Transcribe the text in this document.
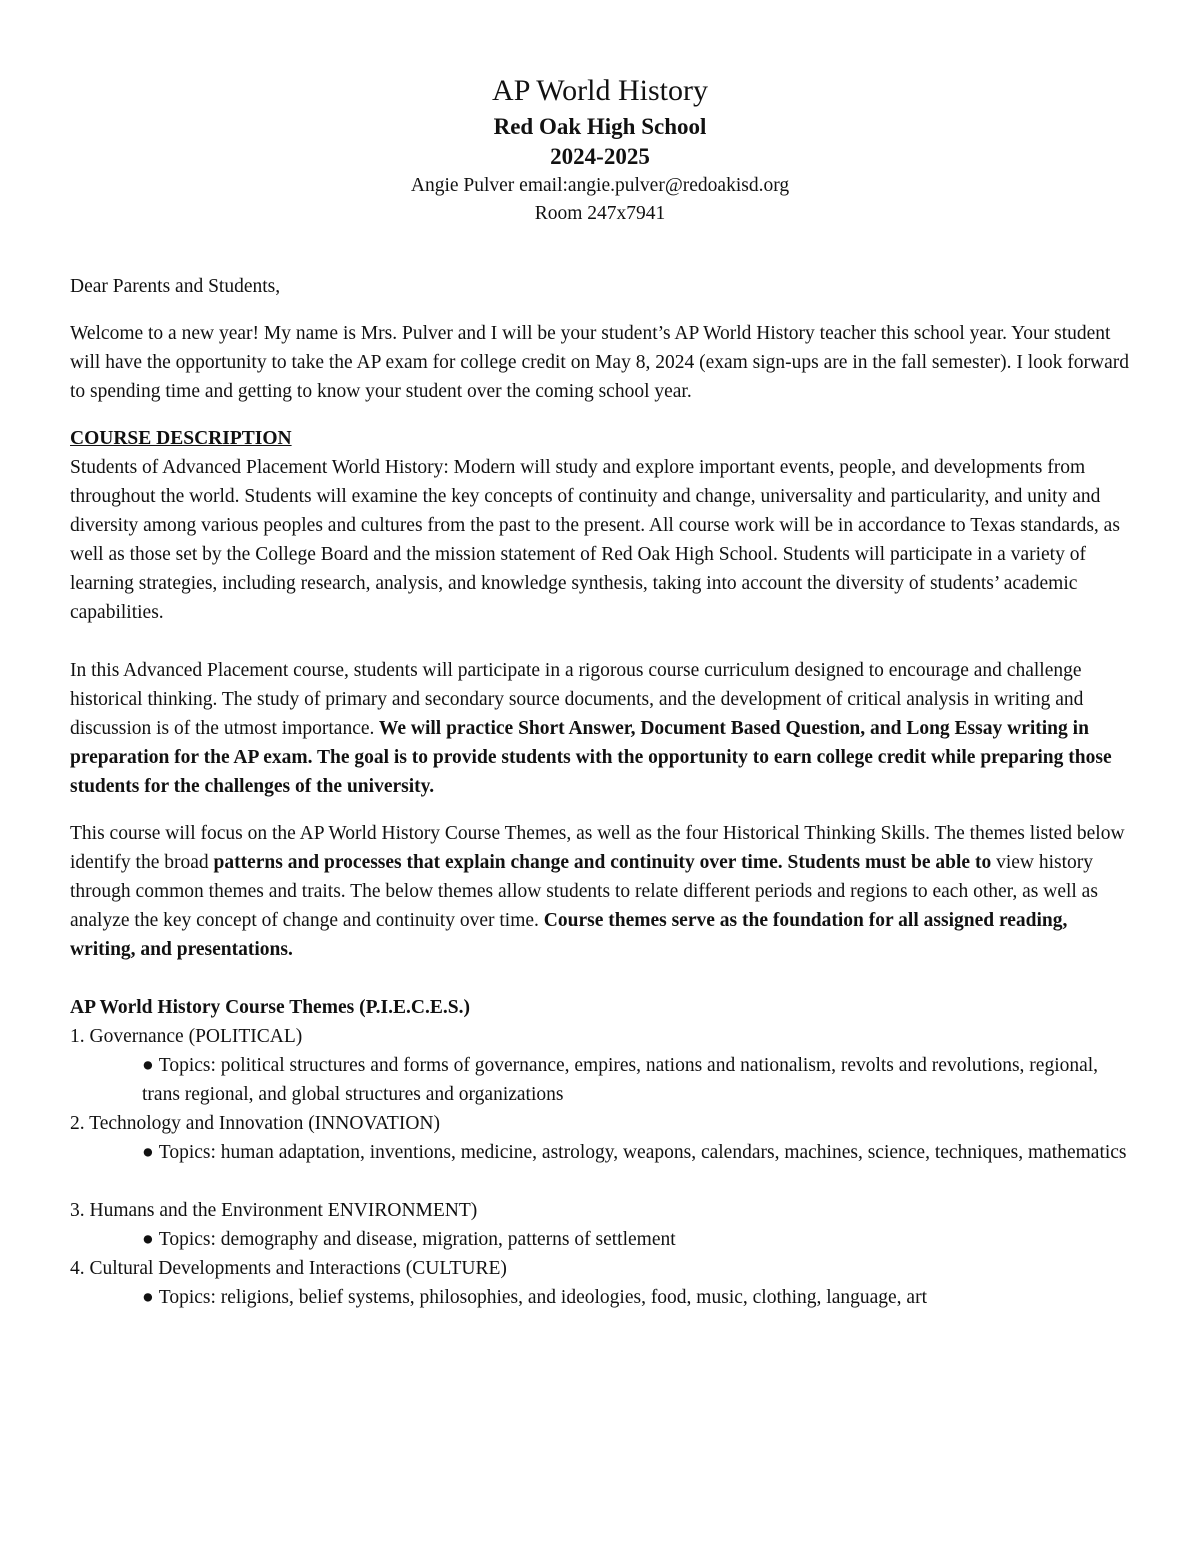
AP World History
Red Oak High School
2024-2025
Angie Pulver email:angie.pulver@redoakisd.org
Room 247x7941

Dear Parents and Students,

Welcome to a new year! My name is Mrs. Pulver and I will be your student’s AP World History teacher this school year. Your student will have the opportunity to take the AP exam for college credit on May 8, 2024 (exam sign-ups are in the fall semester). I look forward to spending time and getting to know your student over the coming school year.

COURSE DESCRIPTION

Students of Advanced Placement World History: Modern will study and explore important events, people, and developments from throughout the world. Students will examine the key concepts of continuity and change, universality and particularity, and unity and diversity among various peoples and cultures from the past to the present. All course work will be in accordance to Texas standards, as well as those set by the College Board and the mission statement of Red Oak High School. Students will participate in a variety of learning strategies, including research, analysis, and knowledge synthesis, taking into account the diversity of students’ academic capabilities.

In this Advanced Placement course, students will participate in a rigorous course curriculum designed to encourage and challenge historical thinking. The study of primary and secondary source documents, and the development of critical analysis in writing and discussion is of the utmost importance. We will practice Short Answer, Document Based Question, and Long Essay writing in preparation for the AP exam. The goal is to provide students with the opportunity to earn college credit while preparing those students for the challenges of the university.

This course will focus on the AP World History Course Themes, as well as the four Historical Thinking Skills. The themes listed below identify the broad patterns and processes that explain change and continuity over time. Students must be able to view history through common themes and traits. The below themes allow students to relate different periods and regions to each other, as well as analyze the key concept of change and continuity over time. Course themes serve as the foundation for all assigned reading,
writing, and presentations.

AP World History Course Themes (P.I.E.C.E.S.)

1. Governance (POLITICAL)

● Topics: political structures and forms of governance, empires, nations and nationalism, revolts and revolutions, regional, trans regional, and global structures and organizations

2. Technology and Innovation (INNOVATION)

● Topics: human adaptation, inventions, medicine, astrology, weapons, calendars, machines, science, techniques, mathematics

3. Humans and the Environment ENVIRONMENT)

● Topics: demography and disease, migration, patterns of settlement

4. Cultural Developments and Interactions (CULTURE)

● Topics: religions, belief systems, philosophies, and ideologies, food, music, clothing, language, art
